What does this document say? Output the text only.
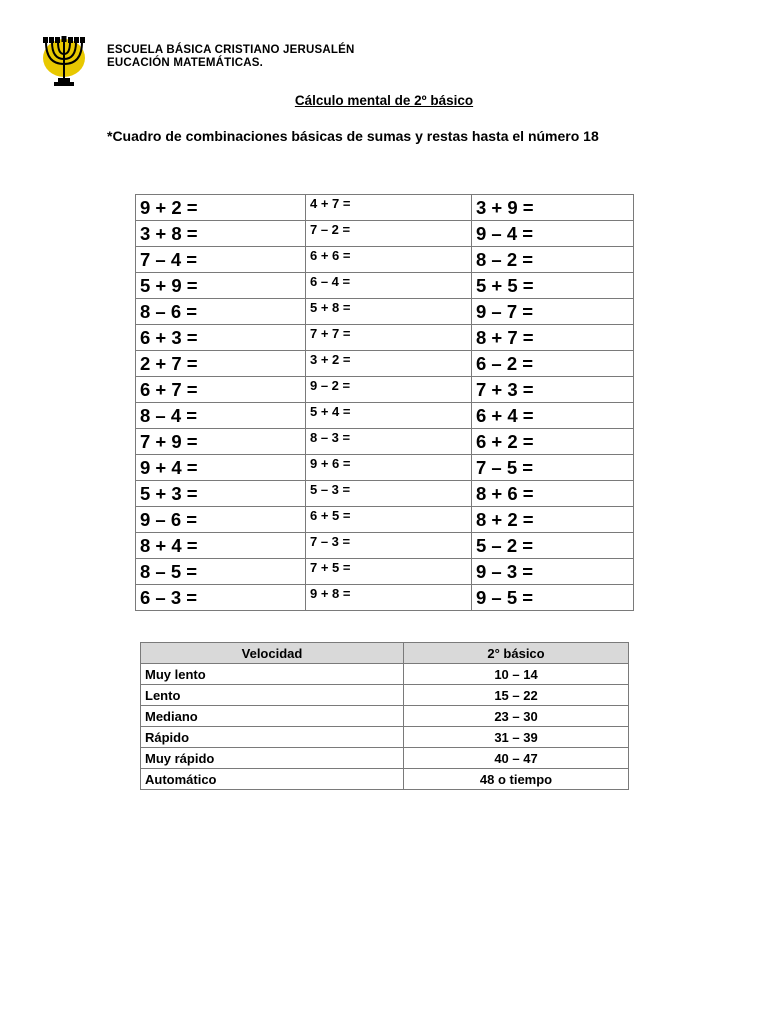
ESCUELA BÁSICA CRISTIANO JERUSALÉN
EUCACIÓN MATEMÁTICAS.
Cálculo mental de 2º básico
*Cuadro de combinaciones básicas de sumas y restas hasta el número 18
9 + 2 =	4 + 7 =	3 + 9 =
3 + 8 =	7 – 2 =	9 – 4 =
7 – 4 =	6 + 6 =	8 – 2 =
5 + 9 =	6 – 4 =	5 + 5 =
8 – 6 =	5 + 8 =	9 – 7 =
6 + 3 =	7 + 7 =	8 + 7 =
2 + 7 =	3 + 2 =	6 – 2 =
6 + 7 =	9 – 2 =	7 + 3 =
8 – 4 =	5 + 4 =	6 + 4 =
7 + 9 =	8 – 3 =	6 + 2 =
9 + 4 =	9 + 6 =	7 – 5 =
5 + 3 =	5 – 3 =	8 + 6 =
9 – 6 =	6 + 5 =	8 + 2 =
8 + 4 =	7 – 3 =	5 – 2 =
8 – 5 =	7 + 5 =	9 – 3 =
6 – 3 =	9 + 8 =	9 – 5 =
Velocidad	2° básico
Muy lento	10 – 14
Lento	15 – 22
Mediano	23 – 30
Rápido	31 – 39
Muy rápido	40 – 47
Automático	48 o tiempo
